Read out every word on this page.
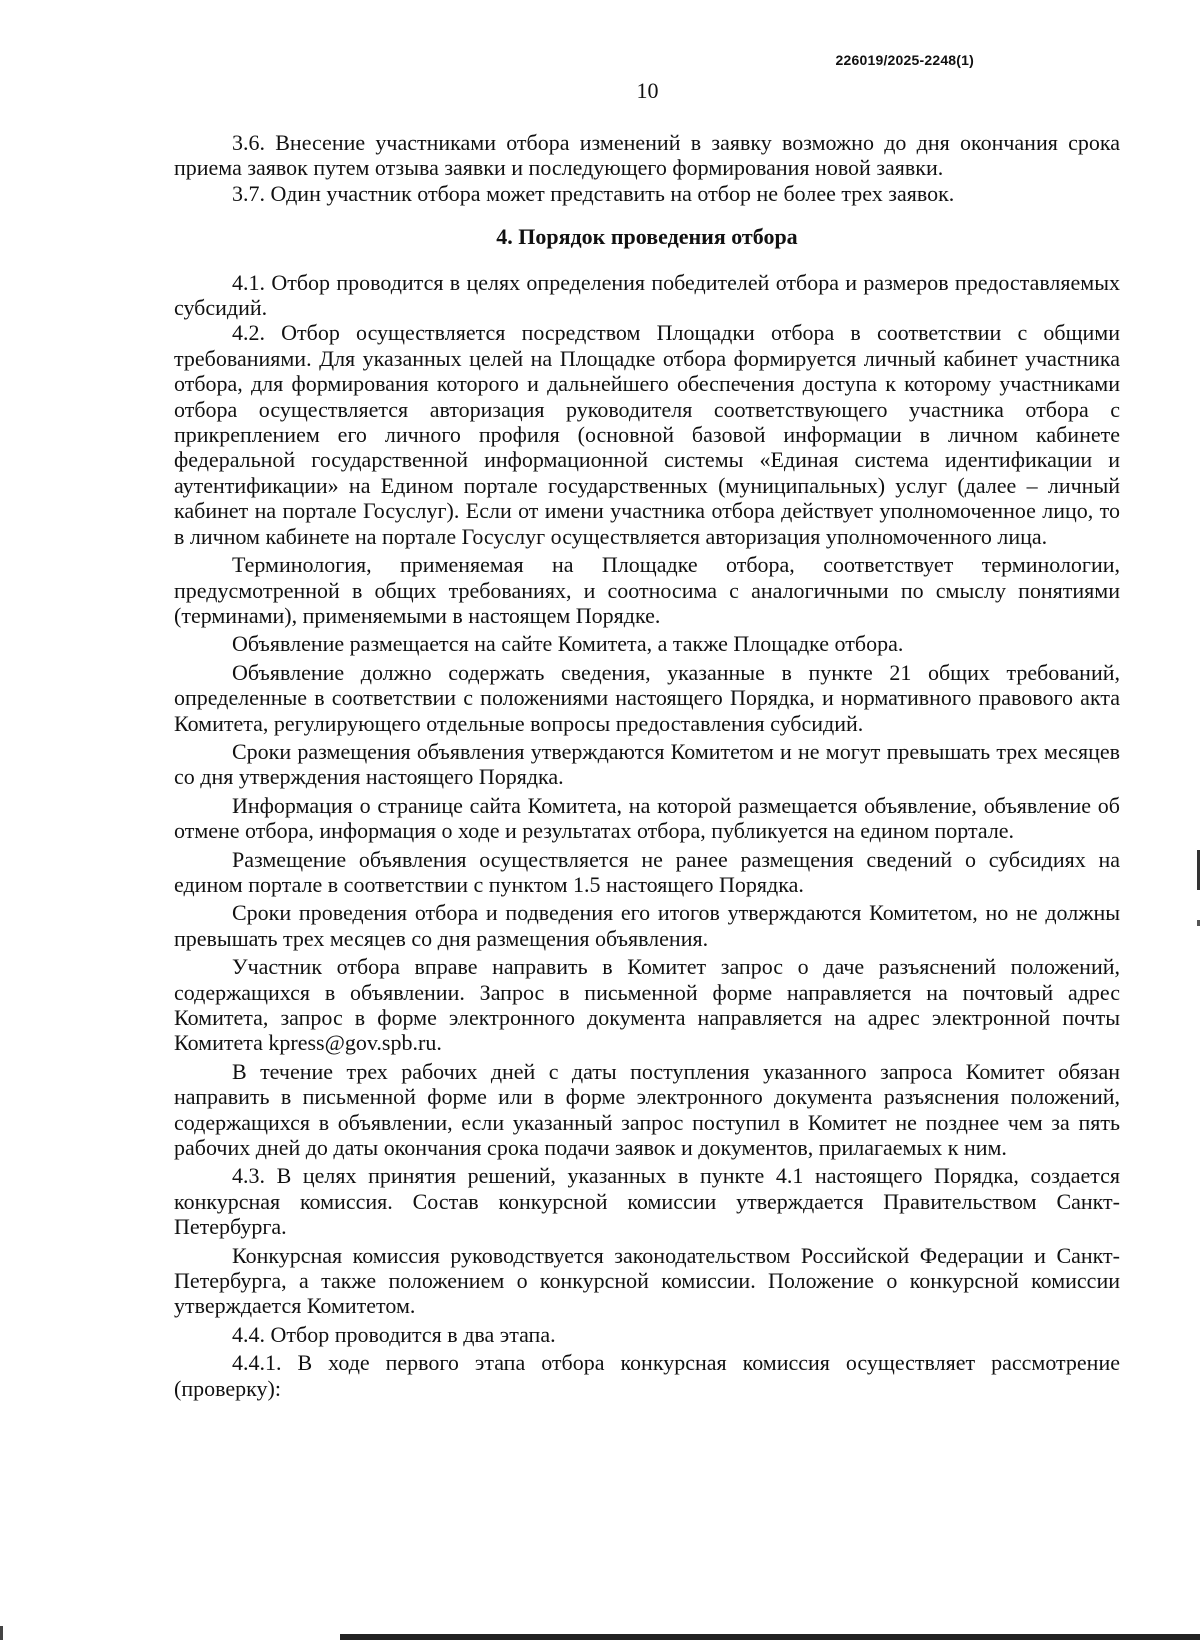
226019/2025-2248(1)
10

3.6. Внесение участниками отбора изменений в заявку возможно до дня окончания срока приема заявок путем отзыва заявки и последующего формирования новой заявки.

3.7. Один участник отбора может представить на отбор не более трех заявок.

4. Порядок проведения отбора

4.1. Отбор проводится в целях определения победителей отбора и размеров предоставляемых субсидий.

4.2. Отбор осуществляется посредством Площадки отбора в соответствии с общими требованиями. Для указанных целей на Площадке отбора формируется личный кабинет участника отбора, для формирования которого и дальнейшего обеспечения доступа к которому участниками отбора осуществляется авторизация руководителя соответствующего участника отбора с прикреплением его личного профиля (основной базовой информации в личном кабинете федеральной государственной информационной системы «Единая система идентификации и аутентификации» на Едином портале государственных (муниципальных) услуг (далее – личный кабинет на портале Госуслуг). Если от имени участника отбора действует уполномоченное лицо, то в личном кабинете на портале Госуслуг осуществляется авторизация уполномоченного лица.

Терминология, применяемая на Площадке отбора, соответствует терминологии, предусмотренной в общих требованиях, и соотносима с аналогичными по смыслу понятиями (терминами), применяемыми в настоящем Порядке.

Объявление размещается на сайте Комитета, а также Площадке отбора.

Объявление должно содержать сведения, указанные в пункте 21 общих требований, определенные в соответствии с положениями настоящего Порядка, и нормативного правового акта Комитета, регулирующего отдельные вопросы предоставления субсидий.

Сроки размещения объявления утверждаются Комитетом и не могут превышать трех месяцев со дня утверждения настоящего Порядка.

Информация о странице сайта Комитета, на которой размещается объявление, объявление об отмене отбора, информация о ходе и результатах отбора, публикуется на едином портале.

Размещение объявления осуществляется не ранее размещения сведений о субсидиях на едином портале в соответствии с пунктом 1.5 настоящего Порядка.

Сроки проведения отбора и подведения его итогов утверждаются Комитетом, но не должны превышать трех месяцев со дня размещения объявления.

Участник отбора вправе направить в Комитет запрос о даче разъяснений положений, содержащихся в объявлении. Запрос в письменной форме направляется на почтовый адрес Комитета, запрос в форме электронного документа направляется на адрес электронной почты Комитета kpress@gov.spb.ru.

В течение трех рабочих дней с даты поступления указанного запроса Комитет обязан направить в письменной форме или в форме электронного документа разъяснения положений, содержащихся в объявлении, если указанный запрос поступил в Комитет не позднее чем за пять рабочих дней до даты окончания срока подачи заявок и документов, прилагаемых к ним.

4.3. В целях принятия решений, указанных в пункте 4.1 настоящего Порядка, создается конкурсная комиссия. Состав конкурсной комиссии утверждается Правительством Санкт-Петербурга.

Конкурсная комиссия руководствуется законодательством Российской Федерации и Санкт-Петербурга, а также положением о конкурсной комиссии. Положение о конкурсной комиссии утверждается Комитетом.

4.4. Отбор проводится в два этапа.

4.4.1. В ходе первого этапа отбора конкурсная комиссия осуществляет рассмотрение (проверку):
